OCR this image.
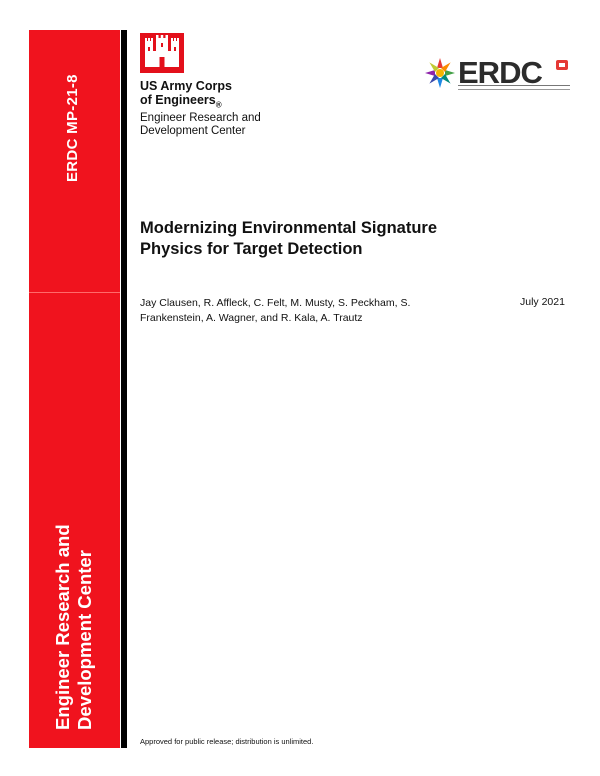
ERDC MP-21-8
Engineer Research and Development Center
US Army Corps
of Engineers$_®$
Engineer Research and
Development Center
ERDC
Modernizing Environmental Signature
Physics for Target Detection
Jay Clausen, R. Affleck, C. Felt, M. Musty, S. Peckham, S.
Frankenstein, A. Wagner, and R. Kala, A. Trautz
July 2021
Approved for public release; distribution is unlimited.
